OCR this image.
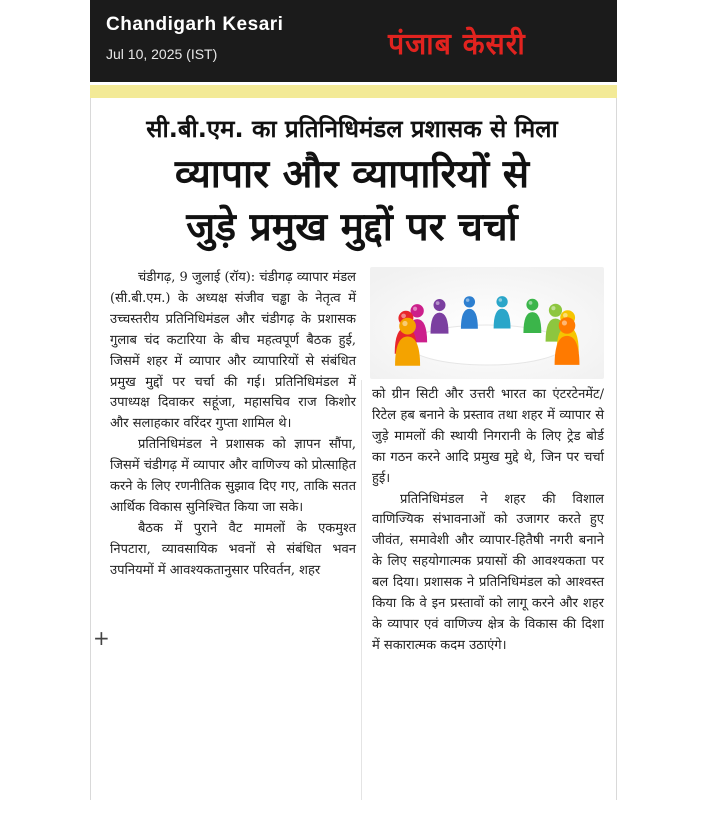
Chandigarh Kesari
Jul 10, 2025 (IST)	पंजाब केसरी
सी.बी.एम. का प्रतिनिधिमंडल प्रशासक से मिला
व्यापार और व्यापारियों से
जुड़े प्रमुख मुद्दों पर चर्चा

चंडीगढ़, 9 जुलाई (रॉय): चंडीगढ़ व्यापार मंडल (सी.बी.एम.) के अध्यक्ष संजीव चड्ढा के नेतृत्व में उच्चस्तरीय प्रतिनिधिमंडल और चंडीगढ़ के प्रशासक गुलाब चंद कटारिया के बीच महत्वपूर्ण बैठक हुई, जिसमें शहर में व्यापार और व्यापारियों से संबंधित प्रमुख मुद्दों पर चर्चा की गई। प्रतिनिधिमंडल में उपाध्यक्ष दिवाकर सहूंजा, महासचिव राज किशोर और सलाहकार वरिंदर गुप्ता शामिल थे।

प्रतिनिधिमंडल ने प्रशासक को ज्ञापन सौंपा, जिसमें चंडीगढ़ में व्यापार और वाणिज्य को प्रोत्साहित करने के लिए रणनीतिक सुझाव दिए गए, ताकि सतत आर्थिक विकास सुनिश्चित किया जा सके।

बैठक में पुराने वैट मामलों के एकमुश्त निपटारा, व्यावसायिक भवनों से संबंधित भवन उपनियमों में आवश्यकतानुसार परिवर्तन, शहर

को ग्रीन सिटी और उत्तरी भारत का एंटरटेनमेंट/रिटेल हब बनाने के प्रस्ताव तथा शहर में व्यापार से जुड़े मामलों की स्थायी निगरानी के लिए ट्रेड बोर्ड का गठन करने आदि प्रमुख मुद्दे थे, जिन पर चर्चा हुई।

प्रतिनिधिमंडल ने शहर की विशाल वाणिज्यिक संभावनाओं को उजागर करते हुए जीवंत, समावेशी और व्यापार-हितैषी नगरी बनाने के लिए सहयोगात्मक प्रयासों की आवश्यकता पर बल दिया। प्रशासक ने प्रतिनिधिमंडल को आश्वस्त किया कि वे इन प्रस्तावों को लागू करने और शहर के व्यापार एवं वाणिज्य क्षेत्र के विकास की दिशा में सकारात्मक कदम उठाएंगे।

+
